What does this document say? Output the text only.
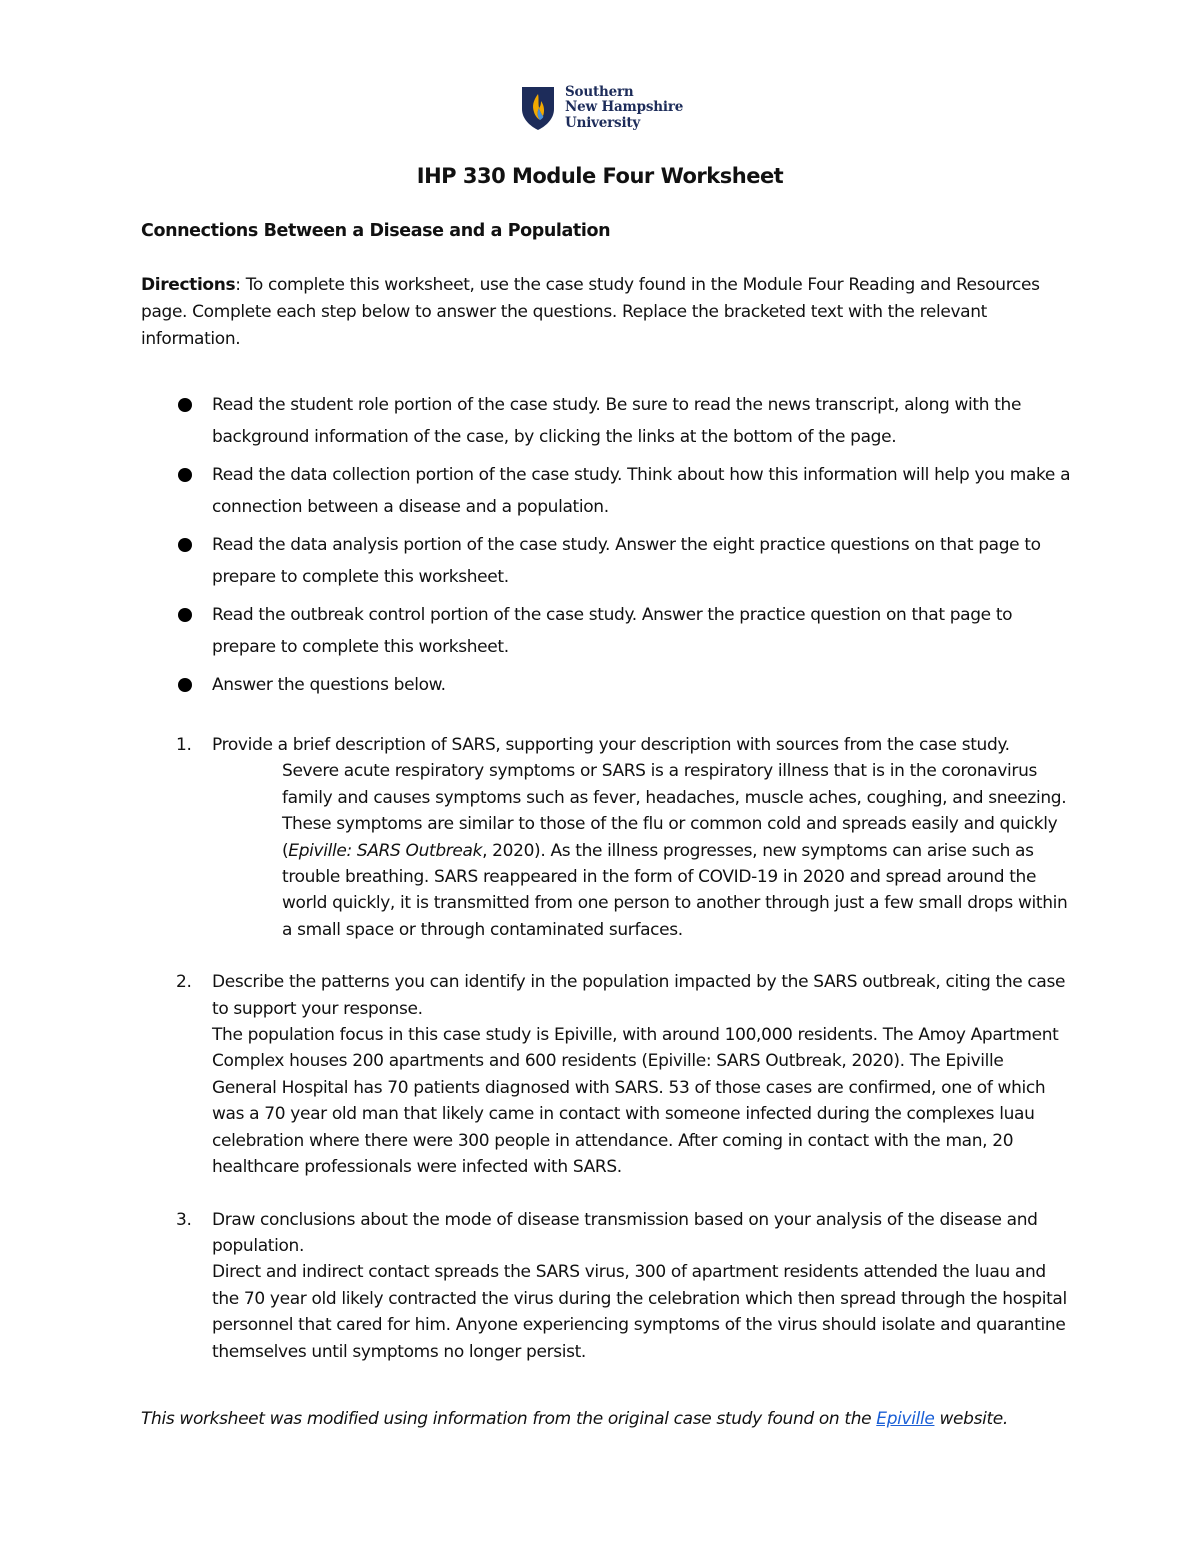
Southern
New Hampshire
University
IHP 330 Module Four Worksheet
Connections Between a Disease and a Population
Directions: To complete this worksheet, use the case study found in the Module Four Reading and Resources page. Complete each step below to answer the questions. Replace the bracketed text with the relevant information.
Read the student role portion of the case study. Be sure to read the news transcript, along with the background information of the case, by clicking the links at the bottom of the page.
Read the data collection portion of the case study. Think about how this information will help you make a connection between a disease and a population.
Read the data analysis portion of the case study. Answer the eight practice questions on that page to prepare to complete this worksheet.
Read the outbreak control portion of the case study. Answer the practice question on that page to prepare to complete this worksheet.
Answer the questions below.
1. Provide a brief description of SARS, supporting your description with sources from the case study.
Severe acute respiratory symptoms or SARS is a respiratory illness that is in the coronavirus family and causes symptoms such as fever, headaches, muscle aches, coughing, and sneezing. These symptoms are similar to those of the flu or common cold and spreads easily and quickly (Epiville: SARS Outbreak, 2020). As the illness progresses, new symptoms can arise such as trouble breathing. SARS reappeared in the form of COVID-19 in 2020 and spread around the world quickly, it is transmitted from one person to another through just a few small drops within a small space or through contaminated surfaces.
2. Describe the patterns you can identify in the population impacted by the SARS outbreak, citing the case to support your response.
The population focus in this case study is Epiville, with around 100,000 residents. The Amoy Apartment Complex houses 200 apartments and 600 residents (Epiville: SARS Outbreak, 2020). The Epiville General Hospital has 70 patients diagnosed with SARS. 53 of those cases are confirmed, one of which was a 70 year old man that likely came in contact with someone infected during the complexes luau celebration where there were 300 people in attendance. After coming in contact with the man, 20 healthcare professionals were infected with SARS.
3. Draw conclusions about the mode of disease transmission based on your analysis of the disease and population.
Direct and indirect contact spreads the SARS virus, 300 of apartment residents attended the luau and the 70 year old likely contracted the virus during the celebration which then spread through the hospital personnel that cared for him. Anyone experiencing symptoms of the virus should isolate and quarantine themselves until symptoms no longer persist.
This worksheet was modified using information from the original case study found on the Epiville website.
